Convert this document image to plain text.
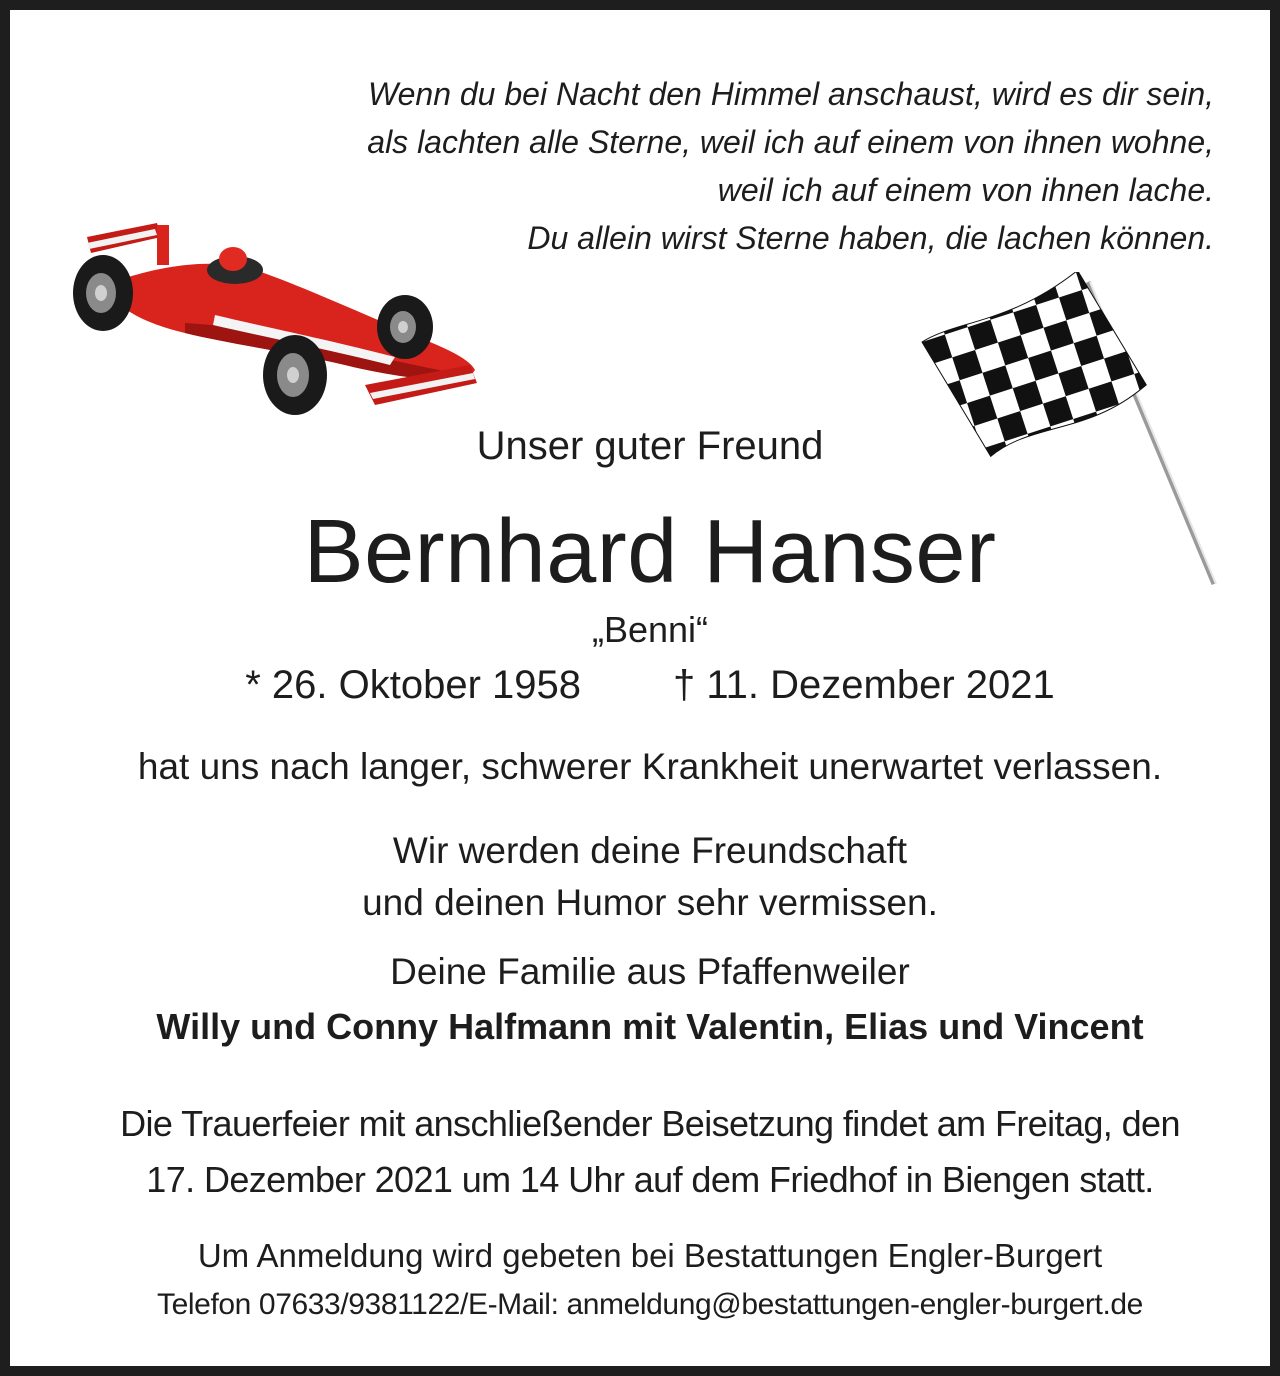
Wenn du bei Nacht den Himmel anschaust, wird es dir sein,
als lachten alle Sterne, weil ich auf einem von ihnen wohne,
weil ich auf einem von ihnen lache.
Du allein wirst Sterne haben, die lachen können.
Unser guter Freund
Bernhard Hanser
„Benni“
* 26. Oktober 1958 † 11. Dezember 2021
hat uns nach langer, schwerer Krankheit unerwartet verlassen.
Wir werden deine Freundschaft
und deinen Humor sehr vermissen.
Deine Familie aus Pfaffenweiler
Willy und Conny Halfmann mit Valentin, Elias und Vincent
Die Trauerfeier mit anschließender Beisetzung findet am Freitag, den
17. Dezember 2021 um 14 Uhr auf dem Friedhof in Biengen statt.
Um Anmeldung wird gebeten bei Bestattungen Engler-Burgert
Telefon 07633/9381122/E-Mail: anmeldung@bestattungen-engler-burgert.de
